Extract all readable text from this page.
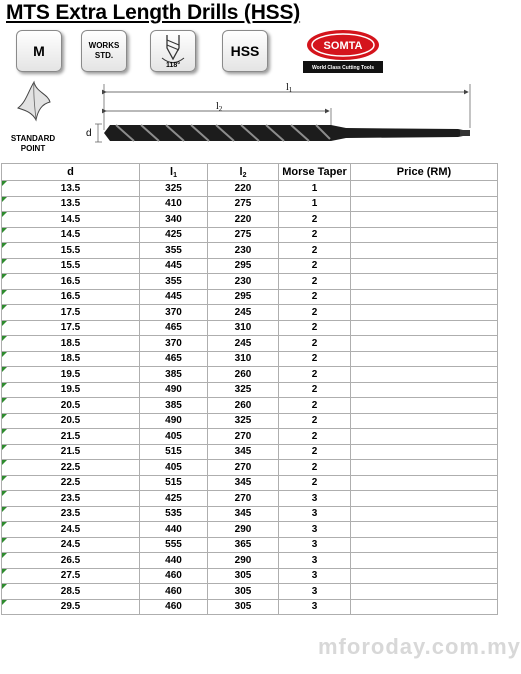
MTS Extra Length Drills (HSS)
M	WORKS
STD.
118°
HSS	SOMTA
World Class Cutting Tools
STANDARD
POINT
$l_1$
$l_2$
d
d	$l_1$	$l_2$	Morse Taper	Price (RM)
13.5	325	220	1	
13.5	410	275	1	
14.5	340	220	2	
14.5	425	275	2	
15.5	355	230	2	
15.5	445	295	2	
16.5	355	230	2	
16.5	445	295	2	
17.5	370	245	2	
17.5	465	310	2	
18.5	370	245	2	
18.5	465	310	2	
19.5	385	260	2	
19.5	490	325	2	
20.5	385	260	2	
20.5	490	325	2	
21.5	405	270	2	
21.5	515	345	2	
22.5	405	270	2	
22.5	515	345	2	
23.5	425	270	3	
23.5	535	345	3	
24.5	440	290	3	
24.5	555	365	3	
26.5	440	290	3	
27.5	460	305	3	
28.5	460	305	3	
29.5	460	305	3	
mforoday.com.my
